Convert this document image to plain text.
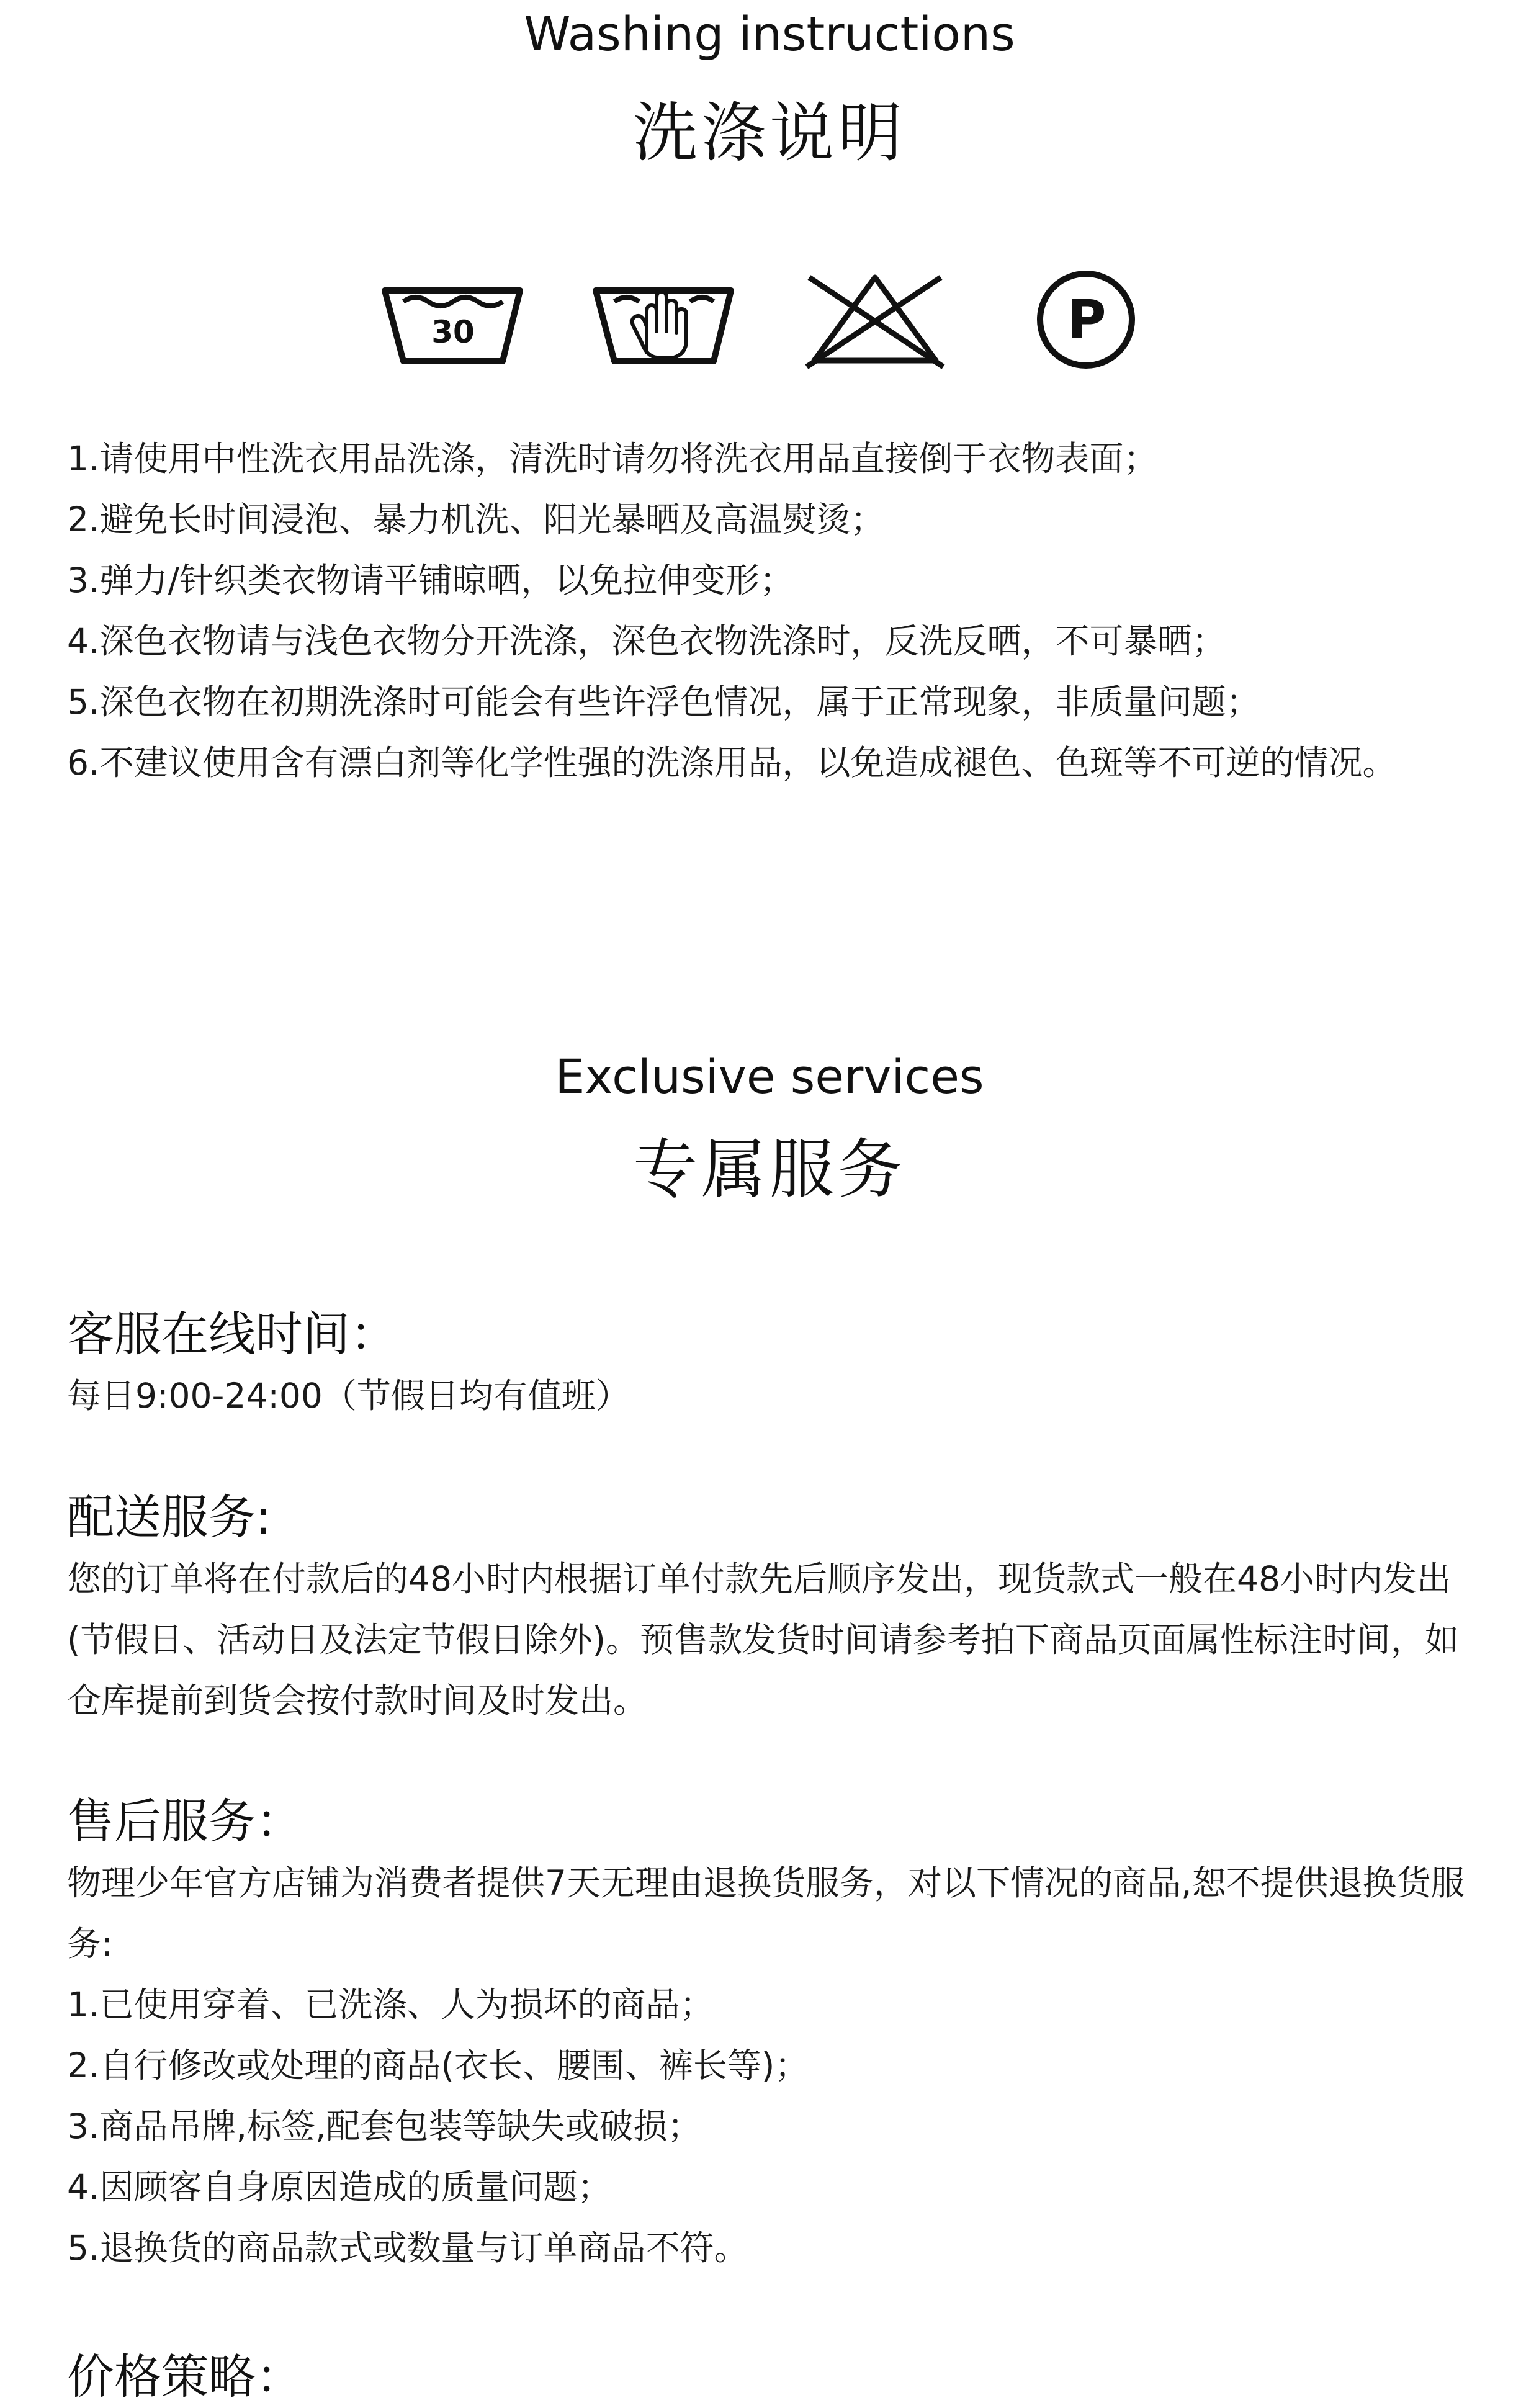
Washing instructions
洗涤说明
30	P
1.请使用中性洗衣用品洗涤，清洗时请勿将洗衣用品直接倒于衣物表面；
2.避免长时间浸泡、暴力机洗、阳光暴晒及高温熨烫；
3.弹力/针织类衣物请平铺晾晒，以免拉伸变形；
4.深色衣物请与浅色衣物分开洗涤，深色衣物洗涤时，反洗反晒，不可暴晒；
5.深色衣物在初期洗涤时可能会有些许浮色情况，属于正常现象，非质量问题；
6.不建议使用含有漂白剂等化学性强的洗涤用品，以免造成褪色、色斑等不可逆的情况。
Exclusive services
专属服务
客服在线时间：

每日9:00-24:00（节假日均有值班）

配送服务:

您的订单将在付款后的48小时内根据订单付款先后顺序发出，现货款式一般在48小时内发出(节假日、活动日及法定节假日除外)。预售款发货时间请参考拍下商品页面属性标注时间，如仓库提前到货会按付款时间及时发出。

售后服务：

物理少年官方店铺为消费者提供7天无理由退换货服务，对以下情况的商品,恕不提供退换货服务:

1.已使用穿着、已洗涤、人为损坏的商品；
2.自行修改或处理的商品(衣长、腰围、裤长等)；
3.商品吊牌,标签,配套包装等缺失或破损；
4.因顾客自身原因造成的质量问题；
5.退换货的商品款式或数量与订单商品不符。
价格策略：
